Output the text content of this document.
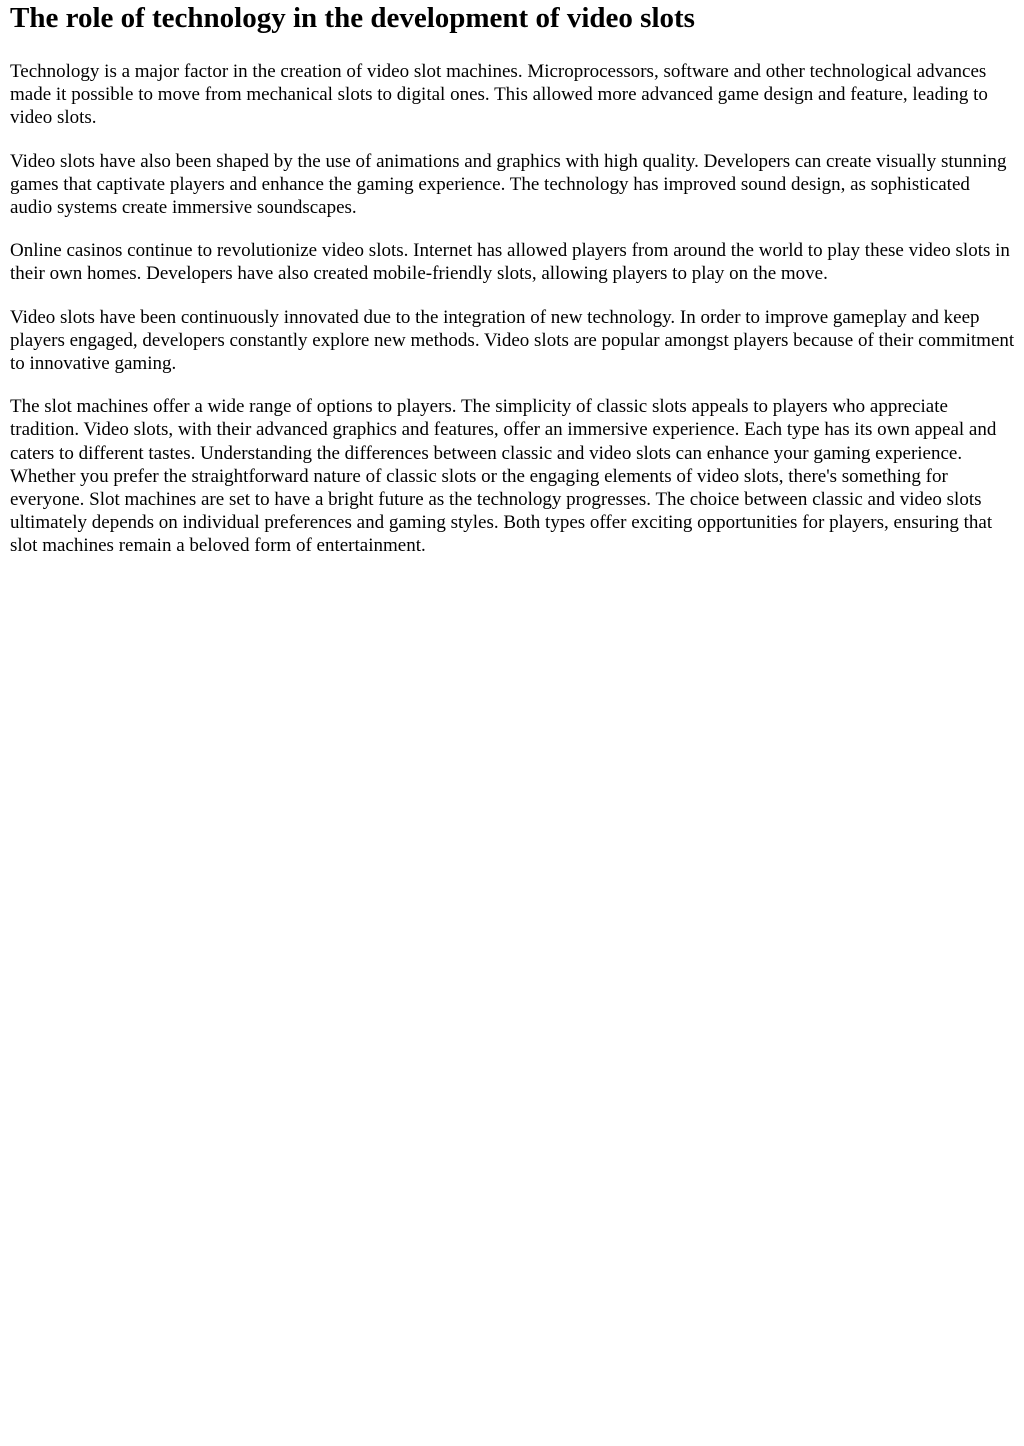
The role of technology in the development of video slots

Technology is a major factor in the creation of video slot machines. Microprocessors, software and other technological advances made it possible to move from mechanical slots to digital ones. This allowed more advanced game design and feature, leading to video slots.

Video slots have also been shaped by the use of animations and graphics with high quality. Developers can create visually stunning games that captivate players and enhance the gaming experience. The technology has improved sound design, as sophisticated audio systems create immersive soundscapes.

Online casinos continue to revolutionize video slots. Internet has allowed players from around the world to play these video slots in their own homes. Developers have also created mobile-friendly slots, allowing players to play on the move.

Video slots have been continuously innovated due to the integration of new technology. In order to improve gameplay and keep players engaged, developers constantly explore new methods. Video slots are popular amongst players because of their commitment to innovative gaming.

The slot machines offer a wide range of options to players. The simplicity of classic slots appeals to players who appreciate tradition. Video slots, with their advanced graphics and features, offer an immersive experience. Each type has its own appeal and caters to different tastes. Understanding the differences between classic and video slots can enhance your gaming experience. Whether you prefer the straightforward nature of classic slots or the engaging elements of video slots, there's something for everyone. Slot machines are set to have a bright future as the technology progresses. The choice between classic and video slots ultimately depends on individual preferences and gaming styles. Both types offer exciting opportunities for players, ensuring that slot machines remain a beloved form of entertainment.
